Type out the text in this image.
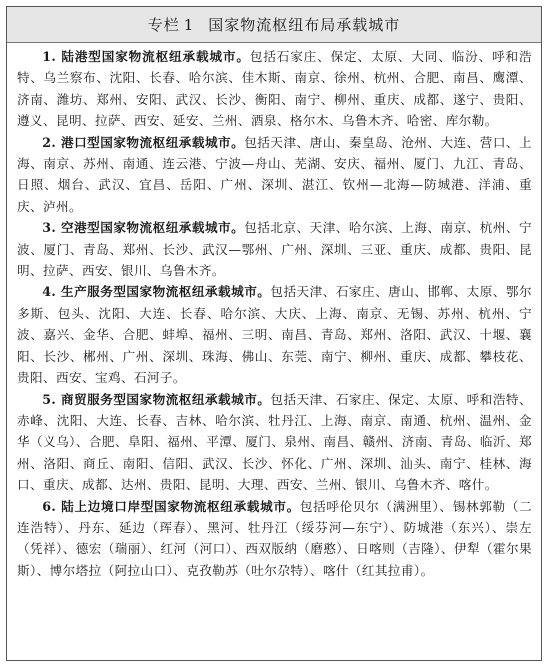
专栏 1 国家物流枢纽布局承载城市

1. 陆港型国家物流枢纽承载城市。包括石家庄、保定、太原、大同、临汾、呼和浩特、乌兰察布、沈阳、长春、哈尔滨、佳木斯、南京、徐州、杭州、合肥、南昌、鹰潭、济南、潍坊、郑州、安阳、武汉、长沙、衡阳、南宁、柳州、重庆、成都、遂宁、贵阳、遵义、昆明、拉萨、西安、延安、兰州、酒泉、格尔木、乌鲁木齐、哈密、库尔勒。

2. 港口型国家物流枢纽承载城市。包括天津、唐山、秦皇岛、沧州、大连、营口、上海、南京、苏州、南通、连云港、宁波—舟山、芜湖、安庆、福州、厦门、九江、青岛、日照、烟台、武汉、宜昌、岳阳、广州、深圳、湛江、钦州—北海—防城港、洋浦、重庆、泸州。

3. 空港型国家物流枢纽承载城市。包括北京、天津、哈尔滨、上海、南京、杭州、宁波、厦门、青岛、郑州、长沙、武汉—鄂州、广州、深圳、三亚、重庆、成都、贵阳、昆明、拉萨、西安、银川、乌鲁木齐。

4. 生产服务型国家物流枢纽承载城市。包括天津、石家庄、唐山、邯郸、太原、鄂尔多斯、包头、沈阳、大连、长春、哈尔滨、大庆、上海、南京、无锡、苏州、杭州、宁波、嘉兴、金华、合肥、蚌埠、福州、三明、南昌、青岛、郑州、洛阳、武汉、十堰、襄阳、长沙、郴州、广州、深圳、珠海、佛山、东莞、南宁、柳州、重庆、成都、攀枝花、贵阳、西安、宝鸡、石河子。

5. 商贸服务型国家物流枢纽承载城市。包括天津、石家庄、保定、太原、呼和浩特、赤峰、沈阳、大连、长春、吉林、哈尔滨、牡丹江、上海、南京、南通、杭州、温州、金华（义乌）、合肥、阜阳、福州、平潭、厦门、泉州、南昌、赣州、济南、青岛、临沂、郑州、洛阳、商丘、南阳、信阳、武汉、长沙、怀化、广州、深圳、汕头、南宁、桂林、海口、重庆、成都、达州、贵阳、昆明、大理、西安、兰州、银川、乌鲁木齐、喀什。

6. 陆上边境口岸型国家物流枢纽承载城市。包括呼伦贝尔（满洲里）、锡林郭勒（二连浩特）、丹东、延边（珲春）、黑河、牡丹江（绥芬河—东宁）、防城港（东兴）、崇左（凭祥）、德宏（瑞丽）、红河（河口）、西双版纳（磨憨）、日喀则（吉隆）、伊犁（霍尔果斯）、博尔塔拉（阿拉山口）、克孜勒苏（吐尔尕特）、喀什（红其拉甫）。
